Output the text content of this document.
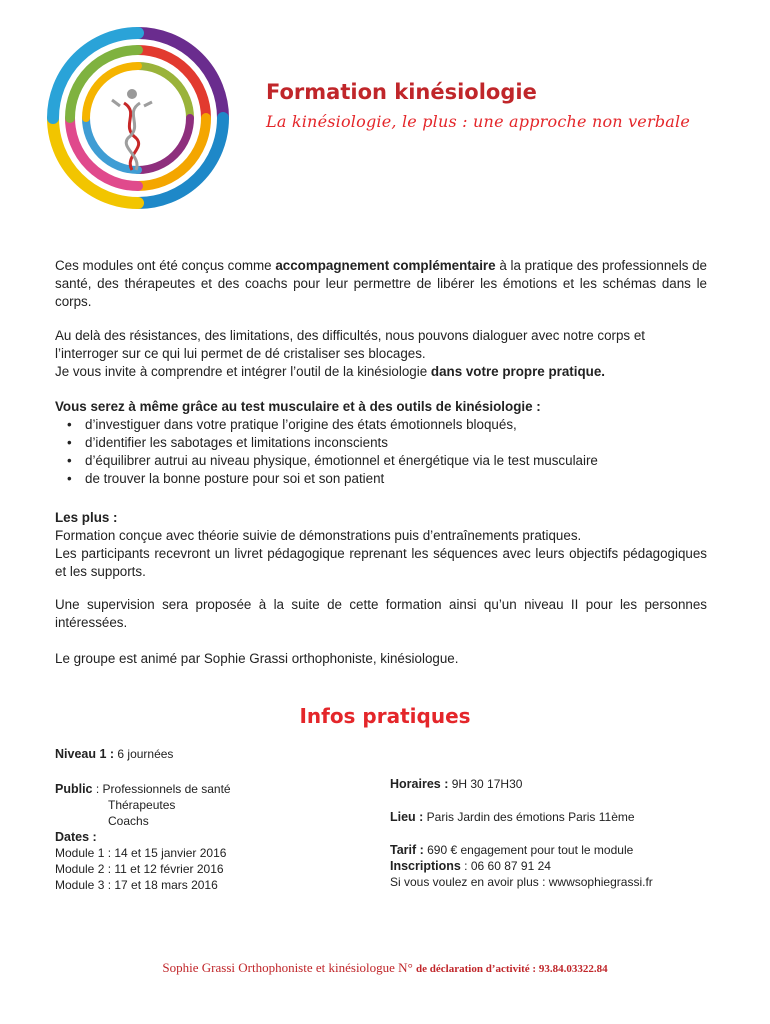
Formation kinésiologie
La kinésiologie, le plus : une approche non verbale
Ces modules ont été conçus comme accompagnement complémentaire à la pratique des professionnels de santé, des thérapeutes et des coachs pour leur permettre de libérer les émotions et les schémas dans le corps.
Au delà des résistances, des limitations, des difficultés, nous pouvons dialoguer avec notre corps et l’interroger sur ce qui lui permet de dé cristaliser ses blocages.
Je vous invite à comprendre et intégrer l’outil de la kinésiologie dans votre propre pratique.
Vous serez à même grâce au test musculaire et à des outils de kinésiologie :
• d’investiguer dans votre pratique l’origine des états émotionnels bloqués,
• d’identifier les sabotages et limitations inconscients
• d’équilibrer autrui au niveau physique, émotionnel et énergétique via le test musculaire
• de trouver la bonne posture pour soi et son patient
Les plus :
Formation conçue avec théorie suivie de démonstrations puis d’entraînements pratiques.
Les participants recevront un livret pédagogique reprenant les séquences avec leurs objectifs pédagogiques et les supports.
Une supervision sera proposée à la suite de cette formation ainsi qu’un niveau II pour les personnes intéressées.
Le groupe est animé par Sophie Grassi orthophoniste, kinésiologue.
Infos pratiques
Niveau 1 : 6 journées
Public : Professionnels de santé
Thérapeutes
Coachs
Dates :
Module 1 : 14 et 15 janvier 2016
Module 2 : 11 et 12 février 2016
Module 3 : 17 et 18 mars 2016
Horaires : 9H 30 17H30
Lieu : Paris Jardin des émotions Paris 11ème
Tarif : 690 € engagement pour tout le module
Inscriptions : 06 60 87 91 24
Si vous voulez en avoir plus : wwwsophiegrassi.fr
Sophie Grassi Orthophoniste et kinésiologue N° de déclaration d’activité : 93.84.03322.84
